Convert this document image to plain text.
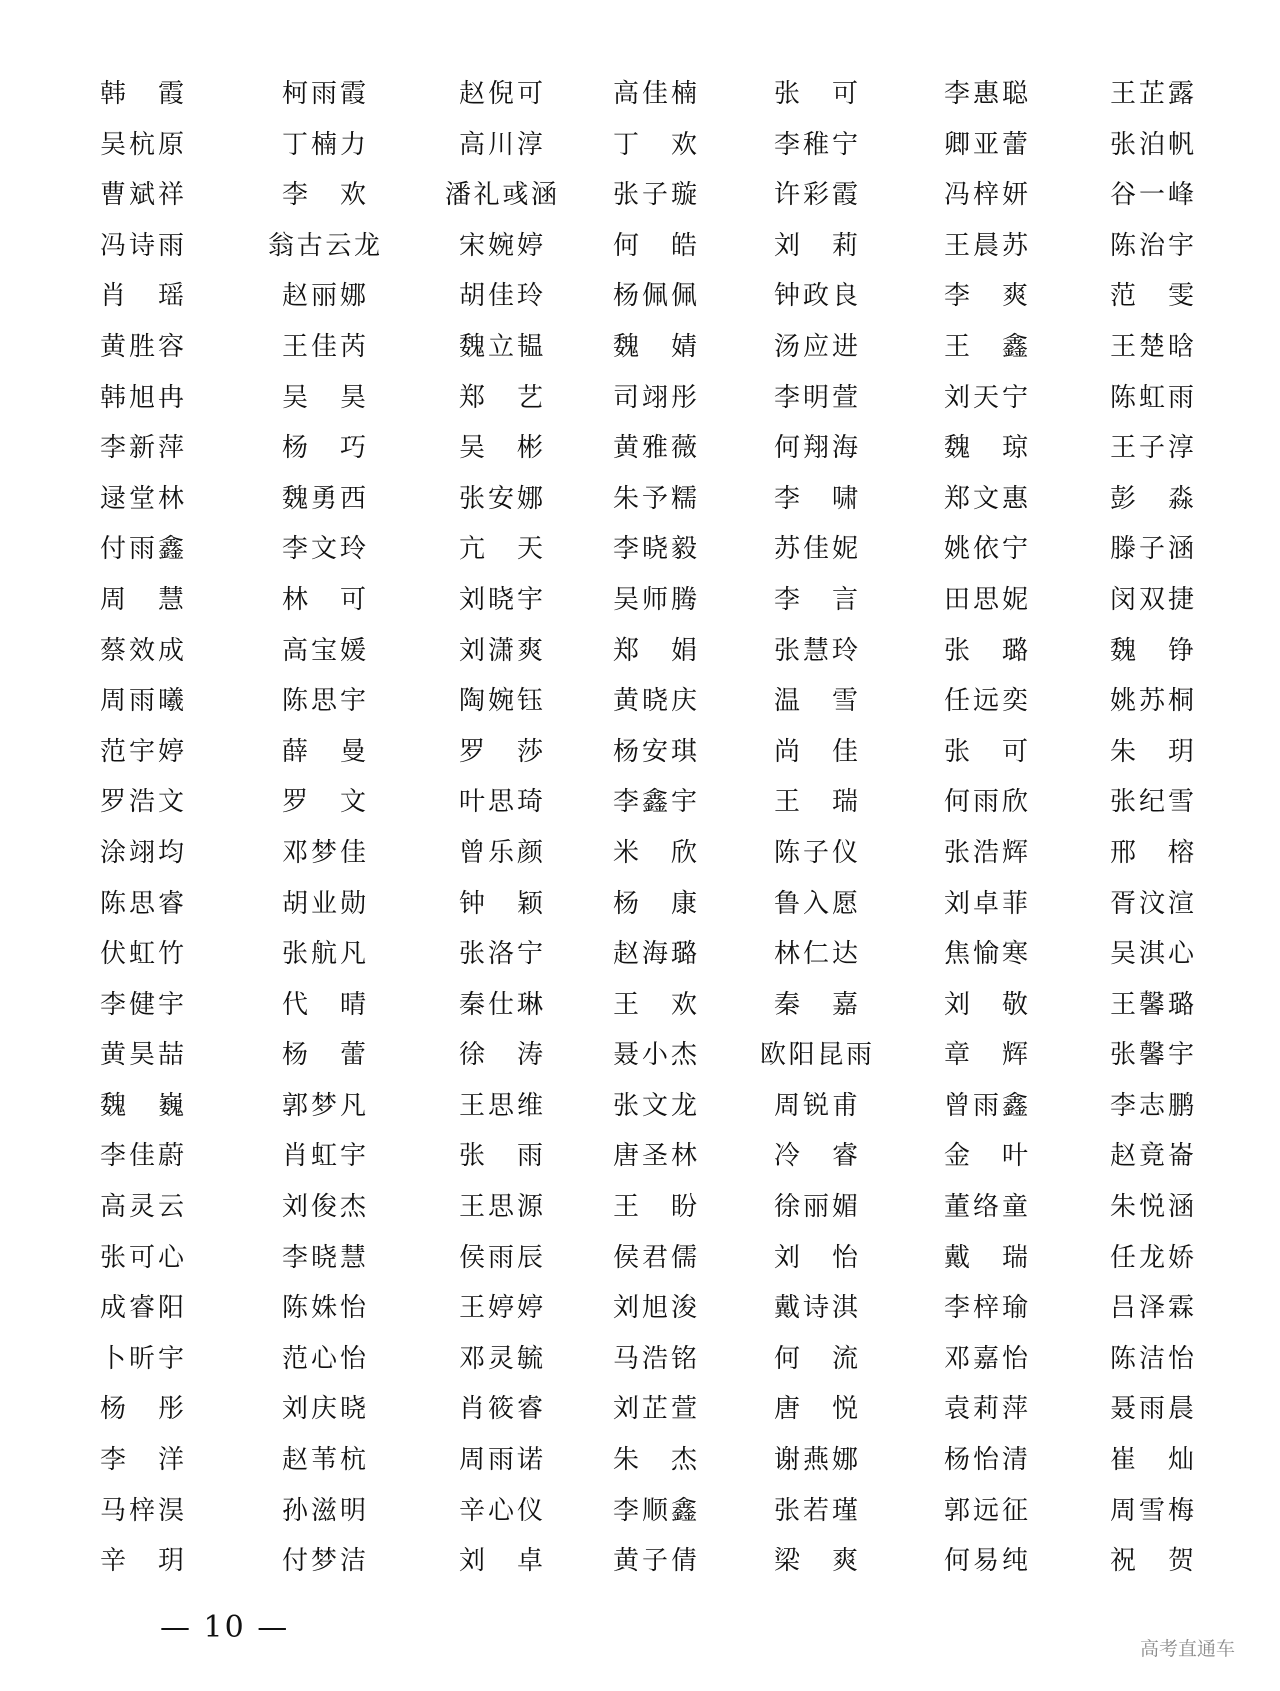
韩霞	柯雨霞	赵倪可	高佳楠	张可	李惠聪	王芷露
吴杭原	丁楠力	高川淳	丁欢	李稚宁	卿亚蕾	张泊帆
曹斌祥	李欢	潘礼彧涵 张子璇	许彩霞	冯梓妍	谷一峰
冯诗雨	翁古云龙	宋婉婷	何皓	刘莉	王晨苏	陈治宇
肖瑶	赵丽娜	胡佳玲	杨佩佩	钟政良	李爽	范雯
黄胜容	王佳芮	魏立韫	魏婧	汤应进	王鑫	王楚晗
韩旭冉	吴昊	郑艺	司翊彤	李明萱	刘天宁	陈虹雨
李新萍	杨巧	吴彬	黄雅薇	何翔海	魏琼	王子淳
逯堂林	魏勇西	张安娜	朱予糯	李啸	郑文惠	彭淼
付雨鑫	李文玲	亢天	李晓毅	苏佳妮	姚依宁	滕子涵
周慧	林可	刘晓宇	吴师腾	李言	田思妮	闵双捷
蔡效成	高宝媛	刘潇爽	郑娟	张慧玲	张璐	魏铮
周雨曦	陈思宇	陶婉钰	黄晓庆	温雪	任远奕	姚苏桐
范宇婷	薛曼	罗莎	杨安琪	尚佳	张可	朱玥
罗浩文	罗文	叶思琦	李鑫宇	王瑞	何雨欣	张纪雪
涂翊均	邓梦佳	曾乐颜	米欣	陈子仪	张浩辉	邢榕
陈思睿	胡业勋	钟颖	杨康	鲁入愿	刘卓菲	胥汶渲
伏虹竹	张航凡	张洛宁	赵海璐	林仁达	焦愉寒	吴淇心
李健宇	代晴	秦仕琳	王欢	秦嘉	刘敬	王馨璐
黄昊喆	杨蕾	徐涛	聂小杰 欧阳昆雨	章辉	张馨宇
魏巍	郭梦凡	王思维	张文龙	周锐甫	曾雨鑫	李志鹏
李佳蔚	肖虹宇	张雨	唐圣林	冷睿	金叶	赵竟崙
高灵云	刘俊杰	王思源	王盼	徐丽媚	董络童	朱悦涵
张可心	李晓慧	侯雨辰	侯君儒	刘怡	戴瑞	任龙娇
成睿阳	陈姝怡	王婷婷	刘旭浚	戴诗淇	李梓瑜	吕泽霖
卜昕宇	范心怡	邓灵毓	马浩铭	何流	邓嘉怡	陈洁怡
杨彤	刘庆晓	肖筱睿	刘芷萱	唐悦	袁莉萍	聂雨晨
李洋	赵苇杭	周雨诺	朱杰	谢燕娜	杨怡清	崔灿
马梓淏	孙滋明	辛心仪	李顺鑫	张若瑾	郭远征	周雪梅
辛玥	付梦洁	刘卓	黄子倩	梁爽	何易纯	祝贺
— 10 —
高考直通车
